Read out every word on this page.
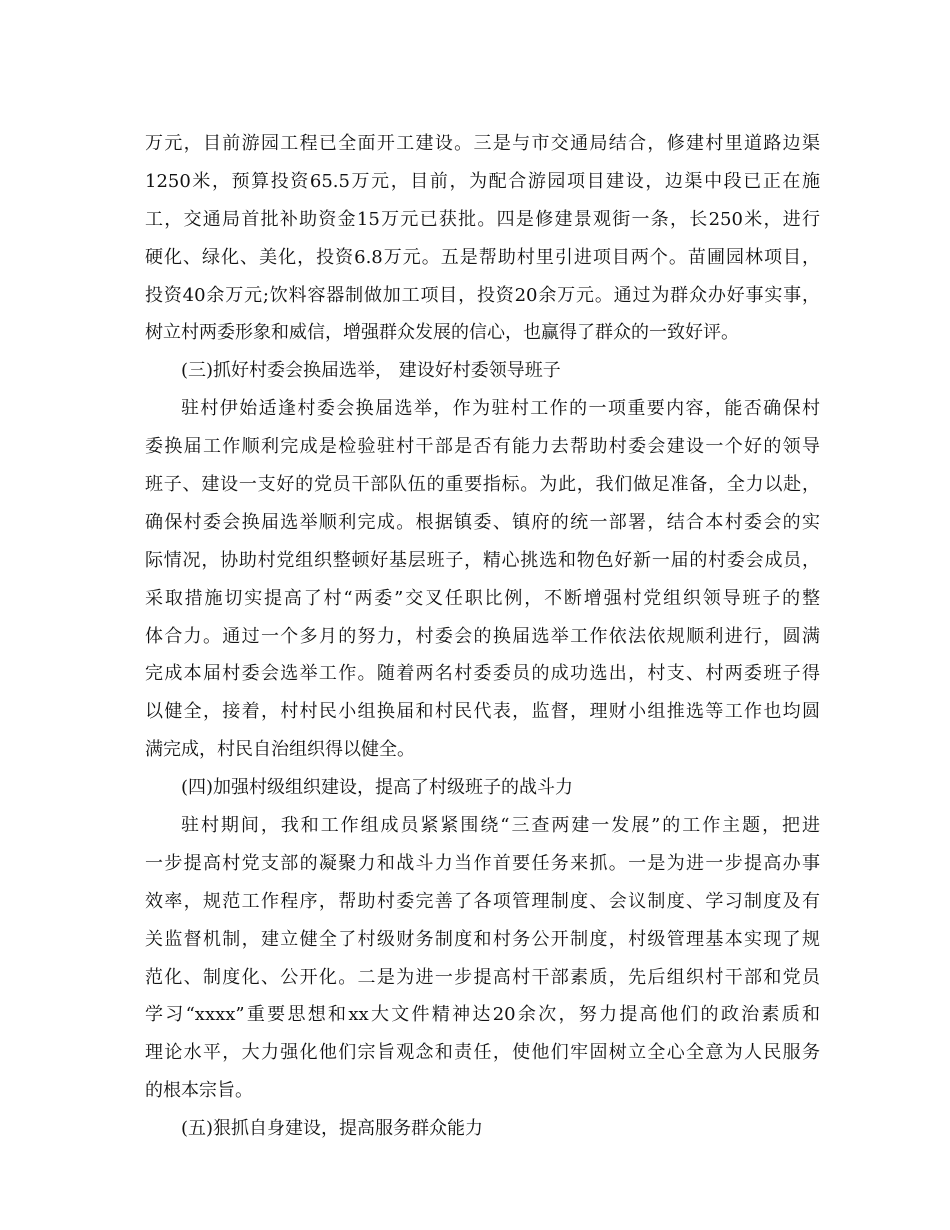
万元，目前游园工程已全面开工建设。三是与市交通局结合，修建村里道路边渠
1250米，预算投资65.5万元，目前，为配合游园项目建设，边渠中段已正在施
工，交通局首批补助资金15万元已获批。四是修建景观街一条，长250米，进行
硬化、绿化、美化，投资6.8万元。五是帮助村里引进项目两个。苗圃园林项目，
投资40余万元;饮料容器制做加工项目，投资20余万元。通过为群众办好事实事，
树立村两委形象和威信，增强群众发展的信心，也赢得了群众的一致好评。
(三)抓好村委会换届选举， 建设好村委领导班子
驻村伊始适逢村委会换届选举，作为驻村工作的一项重要内容，能否确保村
委换届工作顺利完成是检验驻村干部是否有能力去帮助村委会建设一个好的领导
班子、建设一支好的党员干部队伍的重要指标。为此，我们做足准备，全力以赴，
确保村委会换届选举顺利完成。根据镇委、镇府的统一部署，结合本村委会的实
际情况，协助村党组织整顿好基层班子，精心挑选和物色好新一届的村委会成员，
采取措施切实提高了村“两委”交叉任职比例，不断增强村党组织领导班子的整
体合力。通过一个多月的努力，村委会的换届选举工作依法依规顺利进行，圆满
完成本届村委会选举工作。随着两名村委委员的成功选出，村支、村两委班子得
以健全，接着，村村民小组换届和村民代表，监督，理财小组推选等工作也均圆
满完成，村民自治组织得以健全。
(四)加强村级组织建设，提高了村级班子的战斗力
驻村期间，我和工作组成员紧紧围绕“三查两建一发展”的工作主题，把进
一步提高村党支部的凝聚力和战斗力当作首要任务来抓。一是为进一步提高办事
效率，规范工作程序，帮助村委完善了各项管理制度、会议制度、学习制度及有
关监督机制，建立健全了村级财务制度和村务公开制度，村级管理基本实现了规
范化、制度化、公开化。二是为进一步提高村干部素质，先后组织村干部和党员
学习“xxxx”重要思想和xx大文件精神达20余次，努力提高他们的政治素质和
理论水平，大力强化他们宗旨观念和责任，使他们牢固树立全心全意为人民服务
的根本宗旨。
(五)狠抓自身建设，提高服务群众能力
